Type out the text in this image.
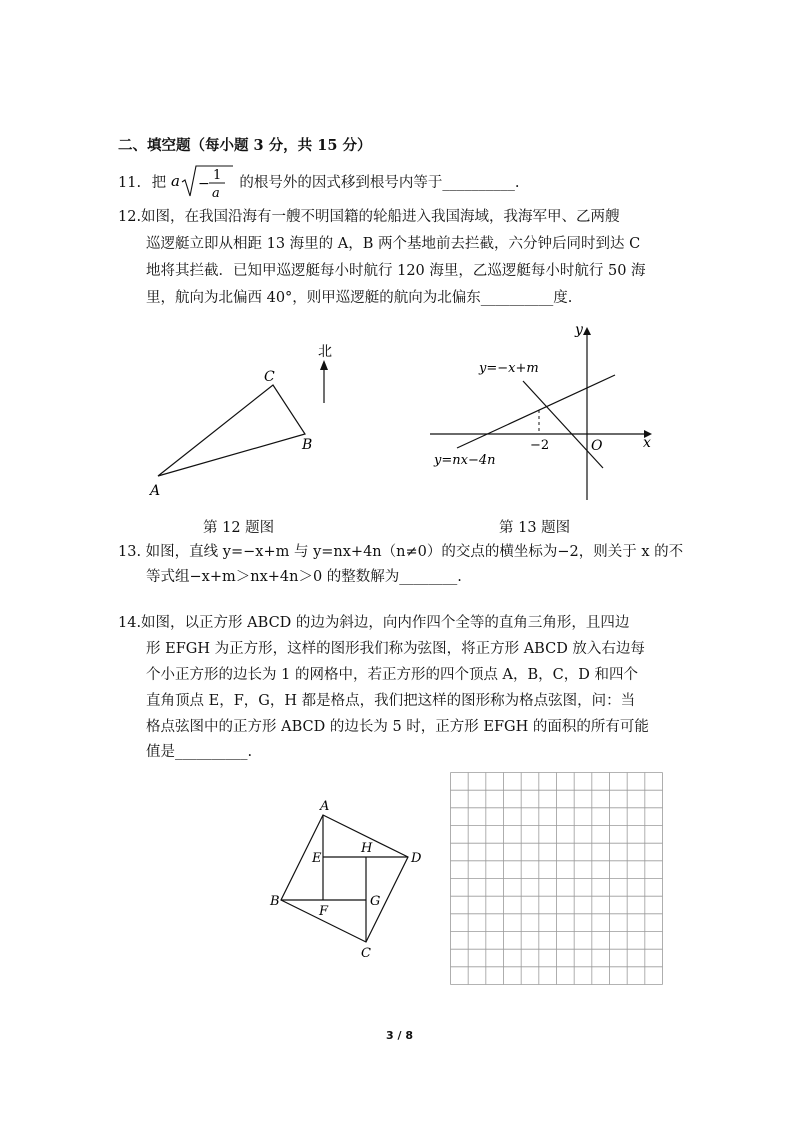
二、填空题（每小题 3 分，共 15 分）
11. 把 a −
1
a
的根号外的因式移到根号内等于__________.
12.如图，在我国沿海有一艘不明国籍的轮船进入我国海域，我海军甲、乙两艘
巡逻艇立即从相距 13 海里的 A，B 两个基地前去拦截，六分钟后同时到达 C
地将其拦截．已知甲巡逻艇每小时航行 120 海里，乙巡逻艇每小时航行 50 海
里，航向为北偏西 40°，则甲巡逻艇的航向为北偏东__________度.
北
C
B
A
y
x
−2	O
y=−x+m
y=nx−4n
第 12 题图	第 13 题图
13. 如图，直线 y=−x+m 与 y=nx+4n（n≠0）的交点的横坐标为−2，则关于 x 的不
等式组−x+m＞nx+4n＞0 的整数解为________.
14.如图，以正方形 ABCD 的边为斜边，向内作四个全等的直角三角形，且四边
形 EFGH 为正方形，这样的图形我们称为弦图，将正方形 ABCD 放入右边每
个小正方形的边长为 1 的网格中，若正方形的四个顶点 A，B，C，D 和四个
直角顶点 E，F，G，H 都是格点，我们把这样的图形称为格点弦图，问：当
格点弦图中的正方形 ABCD 的边长为 5 时，正方形 EFGH 的面积的所有可能
值是__________.
A
D
C
B
E
H
G
F
3 / 8
